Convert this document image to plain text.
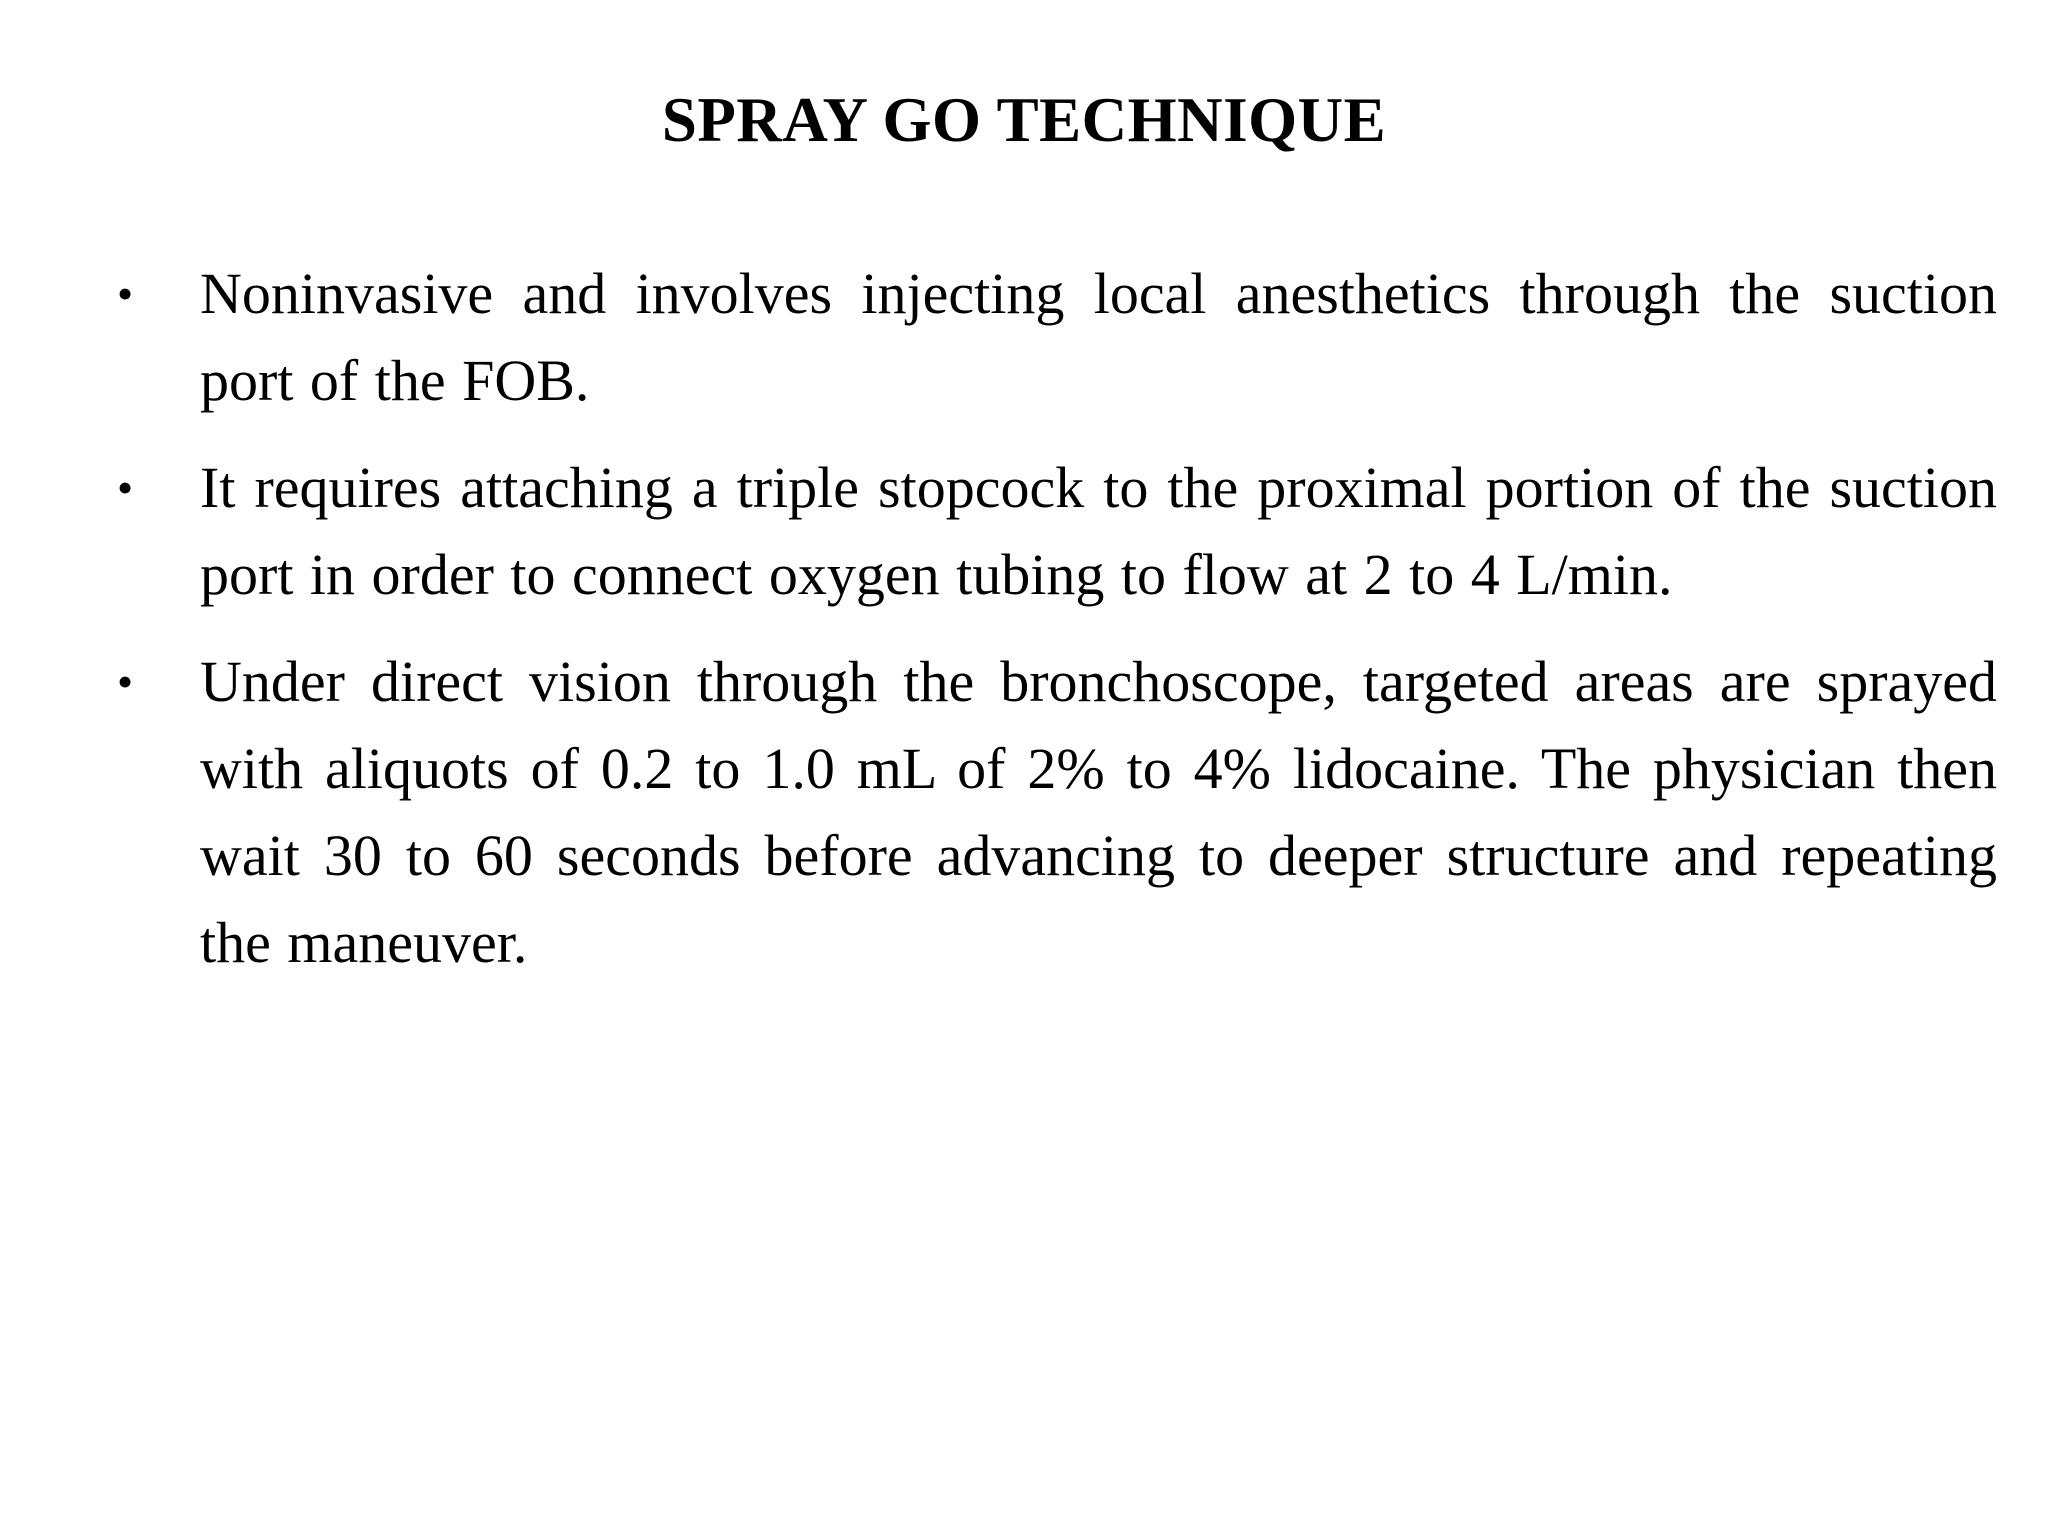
SPRAY GO TECHNIQUE
• Noninvasive and involves injecting local anesthetics through the suction port of the FOB.
• It requires attaching a triple stopcock to the proximal portion of the suction port in order to connect oxygen tubing to flow at 2 to 4 L/min.
• Under direct vision through the bronchoscope, targeted areas are sprayed with aliquots of 0.2 to 1.0 mL of 2% to 4% lidocaine. The physician then wait 30 to 60 seconds before advancing to deeper structure and repeating the maneuver.
